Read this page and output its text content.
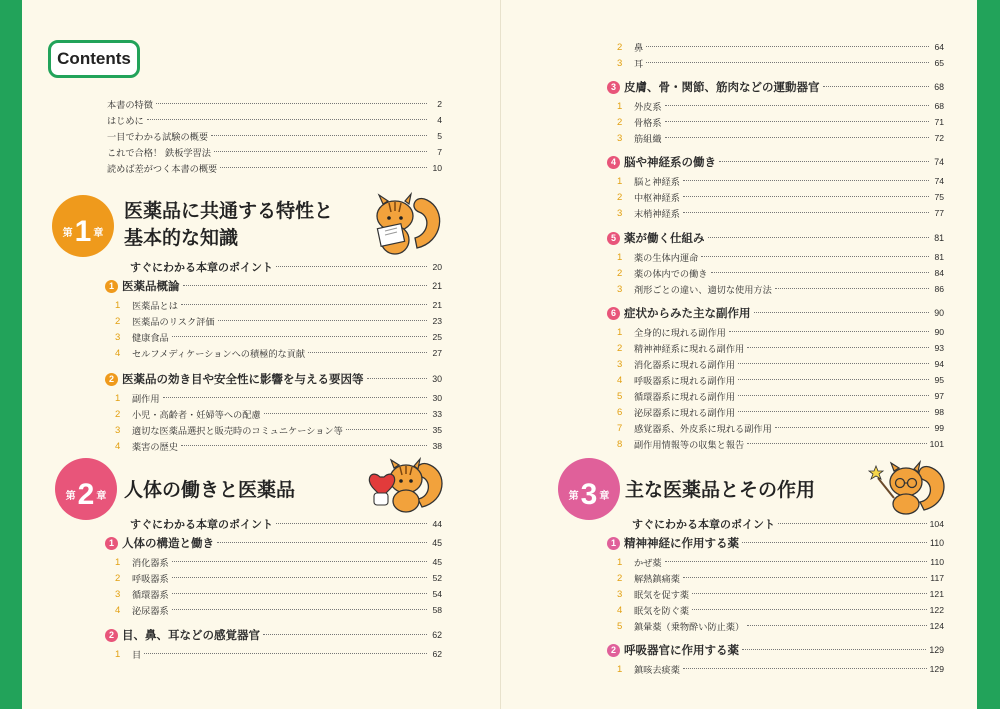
Contents
本書の特徴	2
はじめに	4
一目でわかる試験の概要	5
これで合格！ 鉄板学習法	7
読めば差がつく本書の概要	10
第 1 章
医薬品に共通する特性と
基本的な知識
すぐにわかる本章のポイント	20
1 医薬品概論	21
1	医薬品とは	21
2	医薬品のリスク評価	23
3	健康食品	25
4	セルフメディケーションへの積極的な貢献	27
2 医薬品の効き目や安全性に影響を与える要因等	30
1	副作用	30
2	小児・高齢者・妊婦等への配慮	33
3	適切な医薬品選択と販売時のコミュニケーション等	35
4	薬害の歴史	38
第 2 章 人体の働きと医薬品
すぐにわかる本章のポイント	44
1 人体の構造と働き	45
1	消化器系	45
2	呼吸器系	52
3	循環器系	54
4	泌尿器系	58
2 目、鼻、耳などの感覚器官	62
1	目	62
2	鼻	64
3	耳	65
3 皮膚、骨・関節、筋肉などの運動器官	68
1	外皮系	68
2	骨格系	71
3	筋組織	72
4 脳や神経系の働き	74
1	脳と神経系	74
2	中枢神経系	75
3	末梢神経系	77
5 薬が働く仕組み	81
1	薬の生体内運命	81
2	薬の体内での働き	84
3	剤形ごとの違い、適切な使用方法	86
6 症状からみた主な副作用	90
1	全身的に現れる副作用	90
2	精神神経系に現れる副作用	93
3	消化器系に現れる副作用	94
4	呼吸器系に現れる副作用	95
5	循環器系に現れる副作用	97
6	泌尿器系に現れる副作用	98
7	感覚器系、外皮系に現れる副作用	99
8	副作用情報等の収集と報告	101
第 3 章 主な医薬品とその作用
すぐにわかる本章のポイント	104
1 精神神経に作用する薬	110
1	かぜ薬	110
2	解熱鎮痛薬	117
3	眠気を促す薬	121
4	眠気を防ぐ薬	122
5	鎮暈薬（乗物酔い防止薬）	124
2 呼吸器官に作用する薬	129
1	鎮咳去痰薬	129
